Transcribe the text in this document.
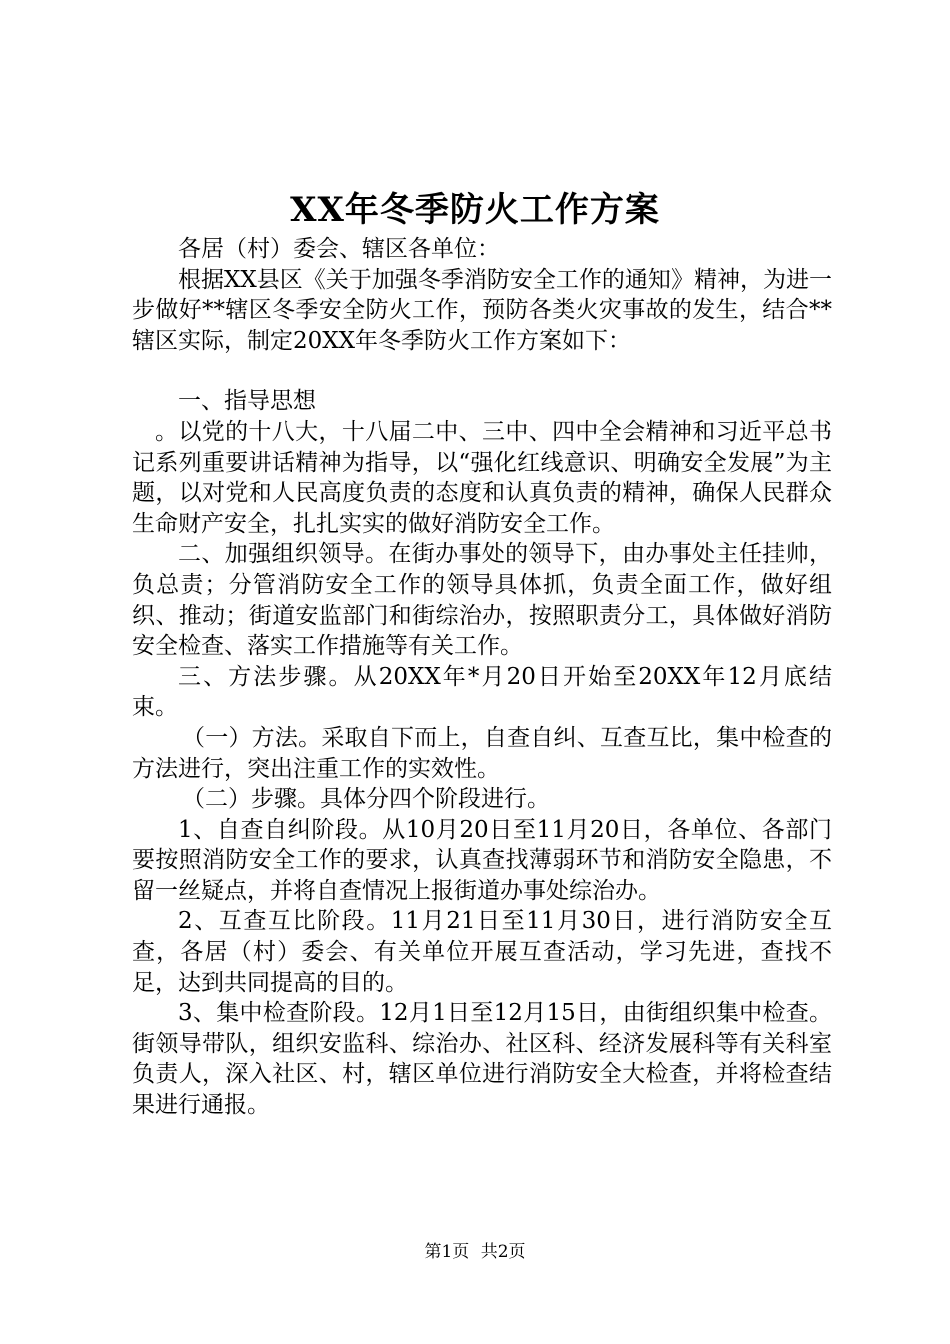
XX年冬季防火工作方案

各居（村）委会、辖区各单位：

根据XX县区《关于加强冬季消防安全工作的通知》精神，为进一步做好**辖区冬季安全防火工作，预防各类火灾事故的发生，结合**辖区实际，制定20XX年冬季防火工作方案如下：

一、指导思想

。以党的十八大，十八届二中、三中、四中全会精神和习近平总书记系列重要讲话精神为指导，以“强化红线意识、明确安全发展”为主题，以对党和人民高度负责的态度和认真负责的精神，确保人民群众生命财产安全，扎扎实实的做好消防安全工作。

二、加强组织领导。在街办事处的领导下，由办事处主任挂帅，负总责；分管消防安全工作的领导具体抓，负责全面工作，做好组织、推动；街道安监部门和街综治办，按照职责分工，具体做好消防安全检查、落实工作措施等有关工作。

三、方法步骤。从20XX年*月20日开始至20XX年12月底结束。

（一）方法。采取自下而上，自查自纠、互查互比，集中检查的方法进行，突出注重工作的实效性。

（二）步骤。具体分四个阶段进行。

1、自查自纠阶段。从10月20日至11月20日，各单位、各部门要按照消防安全工作的要求，认真查找薄弱环节和消防安全隐患，不留一丝疑点，并将自查情况上报街道办事处综治办。

2、互查互比阶段。11月21日至11月30日，进行消防安全互查，各居（村）委会、有关单位开展互查活动，学习先进，查找不足，达到共同提高的目的。

3、集中检查阶段。12月1日至12月15日，由街组织集中检查。街领导带队，组织安监科、综治办、社区科、经济发展科等有关科室负责人，深入社区、村，辖区单位进行消防安全大检查，并将检查结果进行通报。

第1页 共2页
